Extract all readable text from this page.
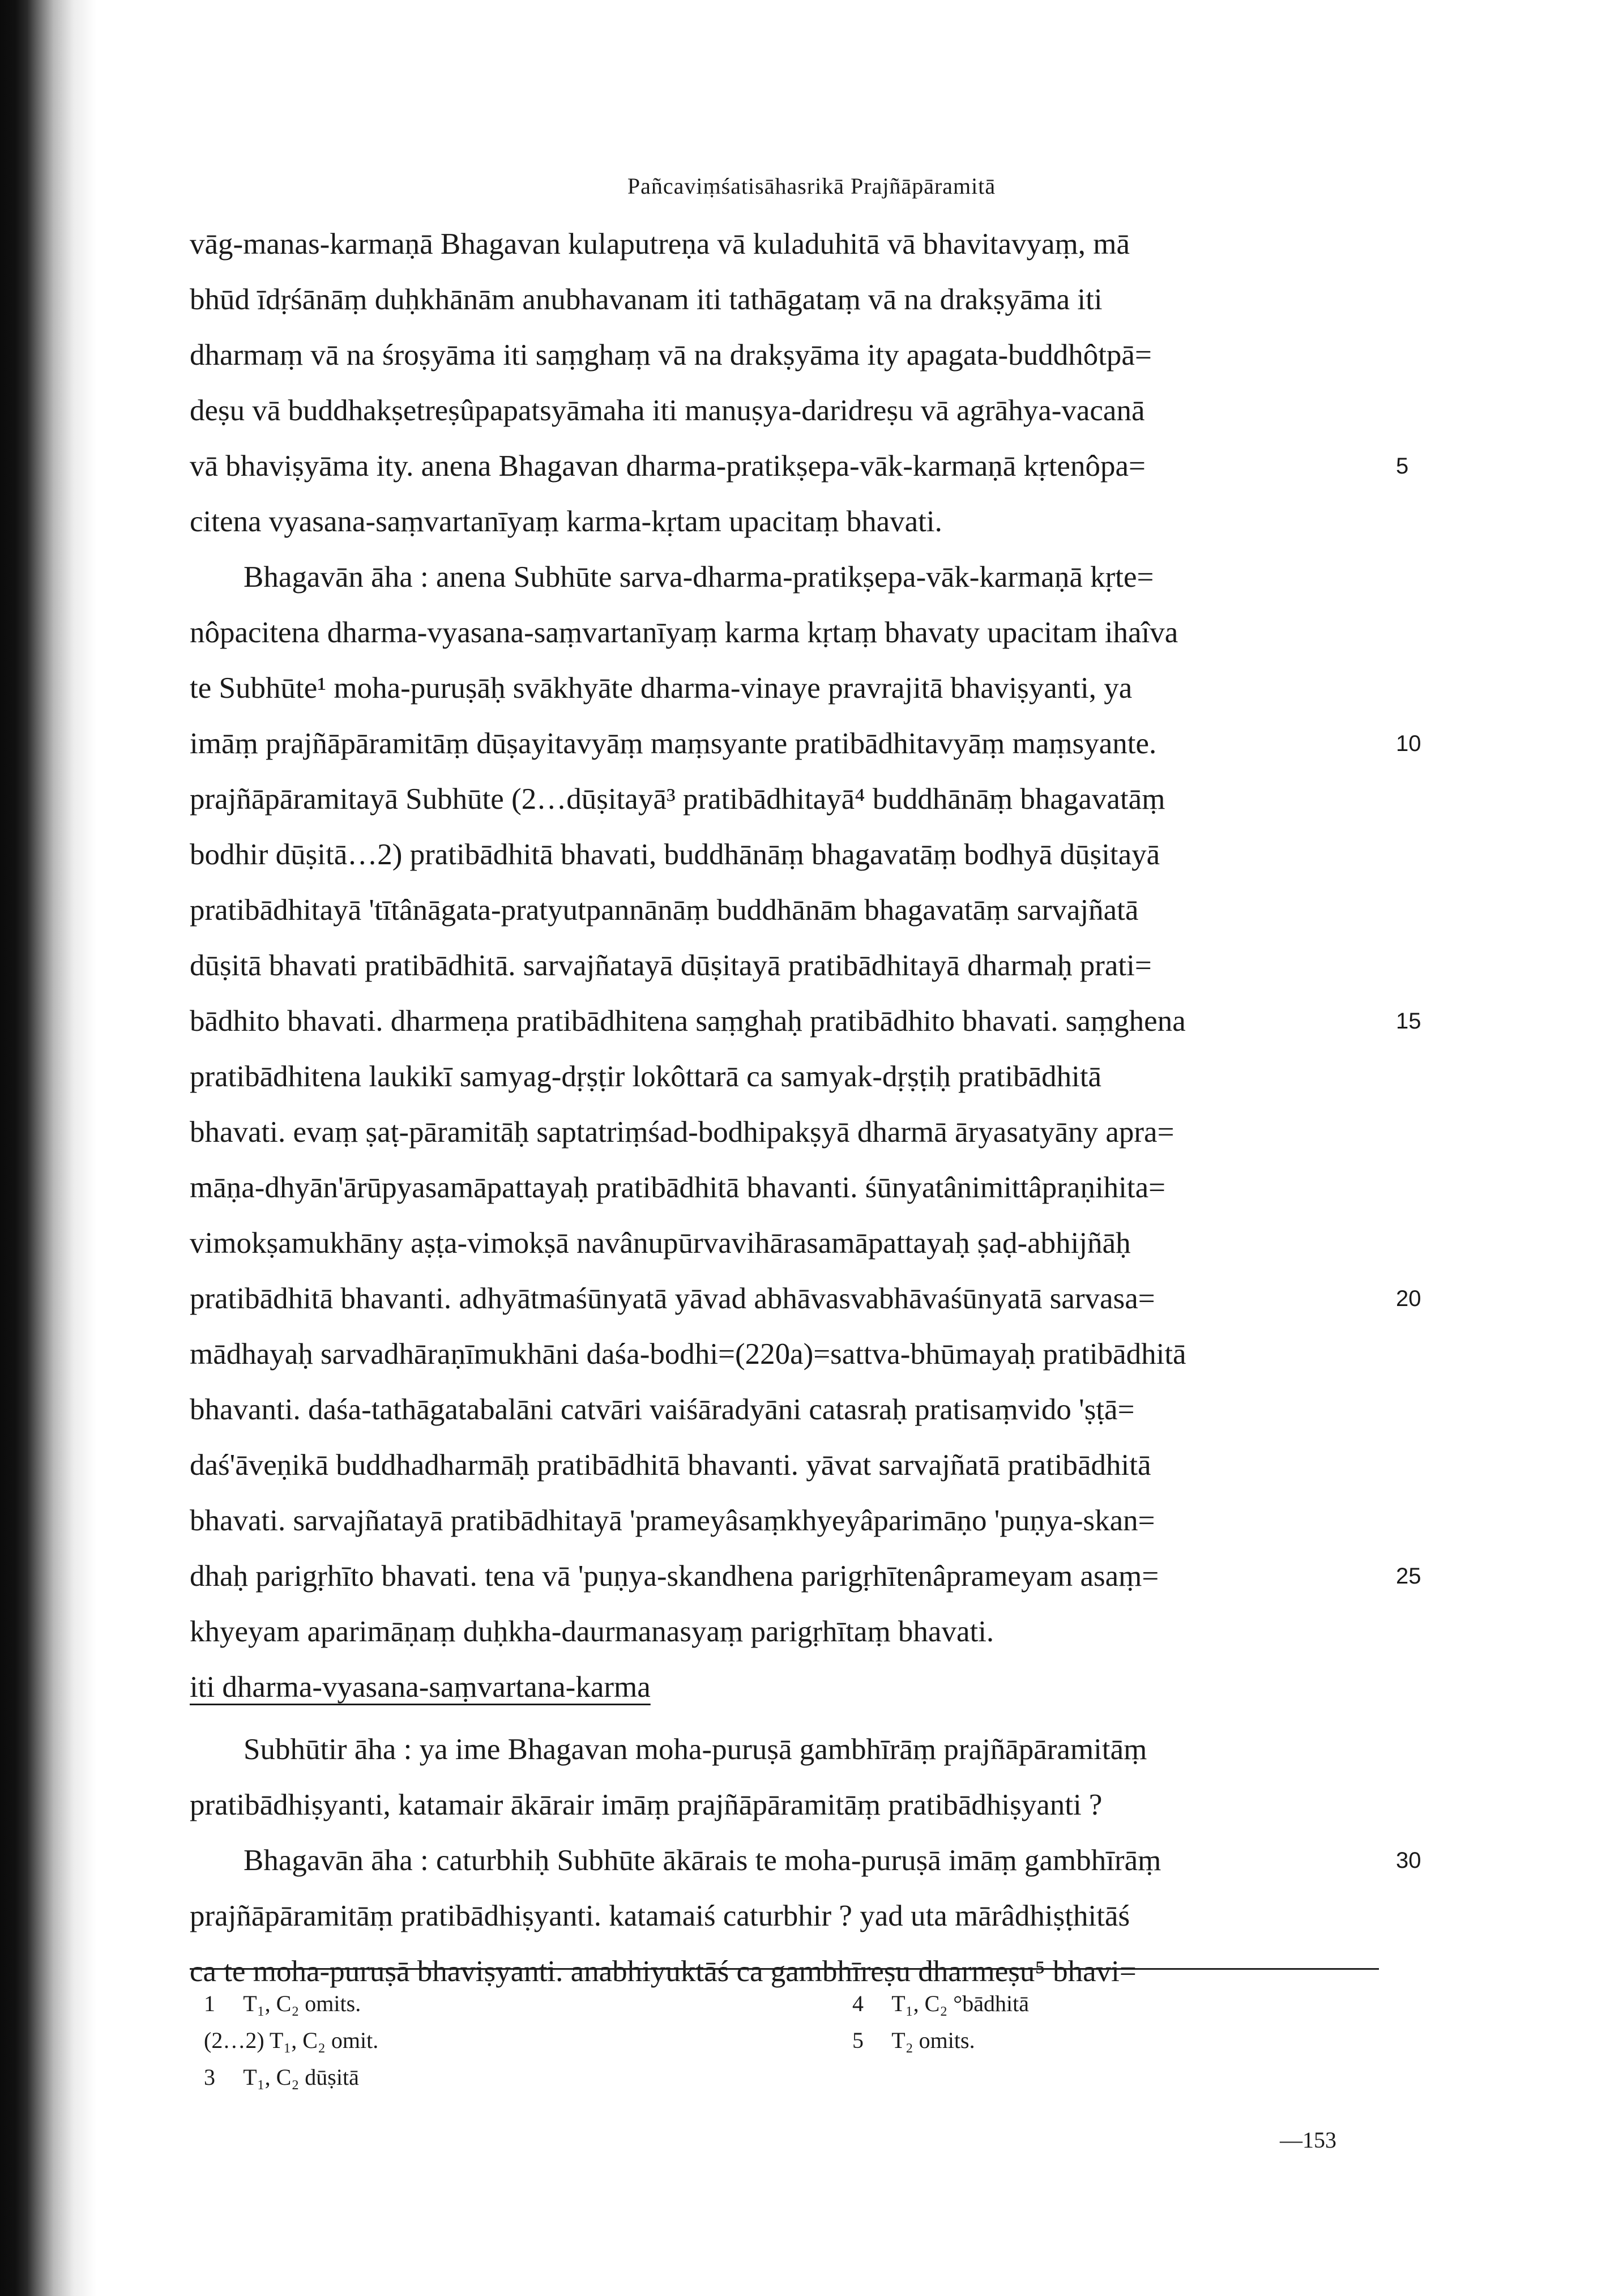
Pañcaviṃśatisāhasrikā Prajñāpāramitā
vāg-manas-karmaṇā Bhagavan kulaputreṇa vā kuladuhitā vā bhavitavyaṃ, mā
bhūd īdṛśānāṃ duḥkhānām anubhavanam iti tathāgataṃ vā na drakṣyāma iti
dharmaṃ vā na śroṣyāma iti saṃghaṃ vā na drakṣyāma ity apagata-buddhôtpā=
deṣu vā buddhakṣetreṣûpapatsyāmaha iti manuṣya-daridreṣu vā agrāhya-vacanā
vā bhaviṣyāma ity. anena Bhagavan dharma-pratikṣepa-vāk-karmaṇā kṛtenôpa=	5
citena vyasana-saṃvartanīyaṃ karma-kṛtam upacitaṃ bhavati.
Bhagavān āha : anena Subhūte sarva-dharma-pratikṣepa-vāk-karmaṇā kṛte=
nôpacitena dharma-vyasana-saṃvartanīyaṃ karma kṛtaṃ bhavaty upacitam ihaîva
te Subhūte¹ moha-puruṣāḥ svākhyāte dharma-vinaye pravrajitā bhaviṣyanti, ya
imāṃ prajñāpāramitāṃ dūṣayitavyāṃ maṃsyante pratibādhitavyāṃ maṃsyante.	10
prajñāpāramitayā Subhūte (2…dūṣitayā³ pratibādhitayā⁴ buddhānāṃ bhagavatāṃ
bodhir dūṣitā…2) pratibādhitā bhavati, buddhānāṃ bhagavatāṃ bodhyā dūṣitayā
pratibādhitayā 'tītânāgata-pratyutpannānāṃ buddhānām bhagavatāṃ sarvajñatā
dūṣitā bhavati pratibādhitā. sarvajñatayā dūṣitayā pratibādhitayā dharmaḥ prati=
bādhito bhavati. dharmeṇa pratibādhitena saṃghaḥ pratibādhito bhavati. saṃghena	15
pratibādhitena laukikī samyag-dṛṣṭir lokôttarā ca samyak-dṛṣṭiḥ pratibādhitā
bhavati. evaṃ ṣaṭ-pāramitāḥ saptatriṃśad-bodhipakṣyā dharmā āryasatyāny apra=
māṇa-dhyān'ārūpyasamāpattayaḥ pratibādhitā bhavanti. śūnyatânimittâpraṇihita=
vimokṣamukhāny aṣṭa-vimokṣā navânupūrvavihārasamāpattayaḥ ṣaḍ-abhijñāḥ
pratibādhitā bhavanti. adhyātmaśūnyatā yāvad abhāvasvabhāvaśūnyatā sarvasa=	20
mādhayaḥ sarvadhāraṇīmukhāni daśa-bodhi=(220a)=sattva-bhūmayaḥ pratibādhitā
bhavanti. daśa-tathāgatabalāni catvāri vaiśāradyāni catasraḥ pratisaṃvido 'ṣṭā=
daś'āveṇikā buddhadharmāḥ pratibādhitā bhavanti. yāvat sarvajñatā pratibādhitā
bhavati. sarvajñatayā pratibādhitayā 'prameyâsaṃkhyeyâparimāṇo 'puṇya-skan=
dhaḥ parigṛhīto bhavati. tena vā 'puṇya-skandhena parigṛhītenâprameyam asaṃ=	25
khyeyam aparimāṇaṃ duḥkha-daurmanasyaṃ parigṛhītaṃ bhavati.
iti dharma-vyasana-saṃvartana-karma
Subhūtir āha : ya ime Bhagavan moha-puruṣā gambhīrāṃ prajñāpāramitāṃ
pratibādhiṣyanti, katamair ākārair imāṃ prajñāpāramitāṃ pratibādhiṣyanti ?
Bhagavān āha : caturbhiḥ Subhūte ākārais te moha-puruṣā imāṃ gambhīrāṃ	30
prajñāpāramitāṃ pratibādhiṣyanti. katamaiś caturbhir ? yad uta mārâdhiṣṭhitāś
ca te moha-puruṣā bhaviṣyanti. anabhiyuktāś ca gambhīreṣu dharmeṣu⁵ bhavi=
1 T₁, C₂ omits.
(2…2) T₁, C₂ omit.
3 T₁, C₂ dūṣitā
4 T₁, C₂ °bādhitā
5 T₂ omits.
—153
